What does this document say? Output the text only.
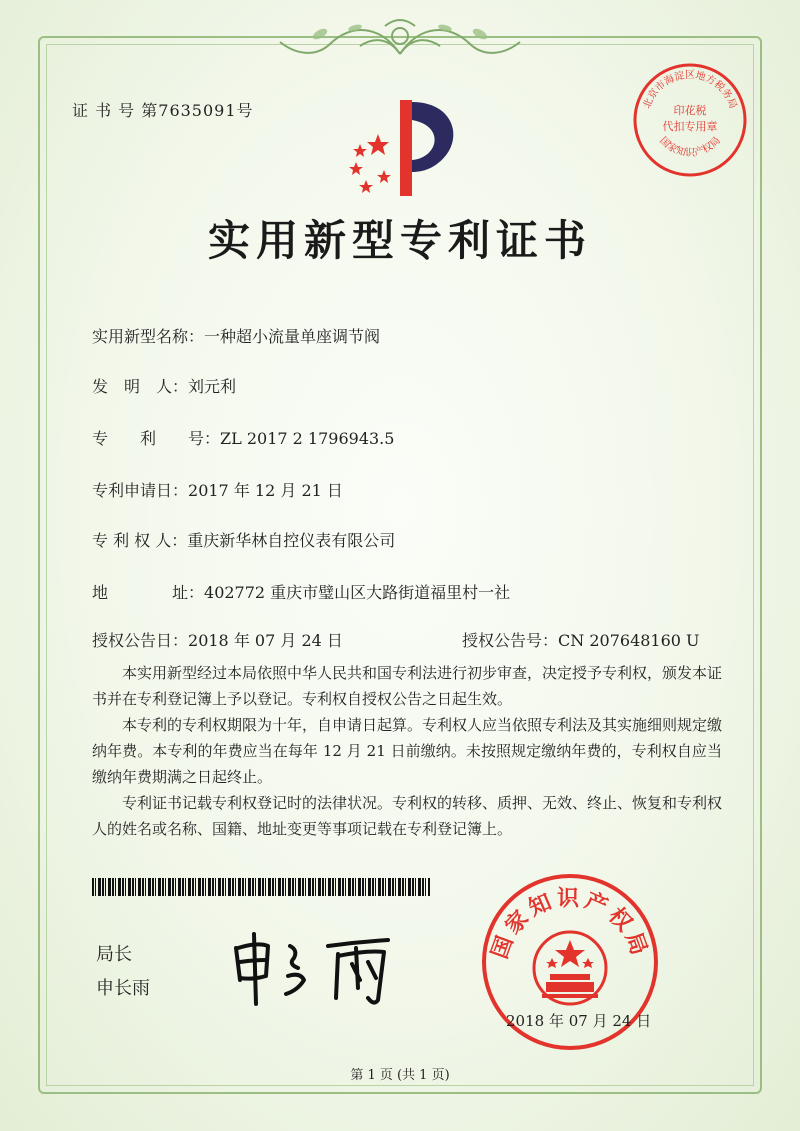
证 书 号 第7635091号	北京市海淀区地方税务局
印花税
代扣专用章
国家知识产权局
实用新型专利证书
实用新型名称：一种超小流量单座调节阀
发　明　人：刘元利
专　　利　　号：ZL 2017 2 1796943.5
专利申请日：2017 年 12 月 21 日
专 利 权 人：重庆新华林自控仪表有限公司
地　　　　址：402772 重庆市璧山区大路街道福里村一社
授权公告日：2018 年 07 月 24 日	授权公告号：CN 207648160 U

本实用新型经过本局依照中华人民共和国专利法进行初步审查，决定授予专利权，颁发本证书并在专利登记簿上予以登记。专利权自授权公告之日起生效。

本专利的专利权期限为十年，自申请日起算。专利权人应当依照专利法及其实施细则规定缴纳年费。本专利的年费应当在每年 12 月 21 日前缴纳。未按照规定缴纳年费的，专利权自应当缴纳年费期满之日起终止。

专利证书记载专利权登记时的法律状况。专利权的转移、质押、无效、终止、恢复和专利权人的姓名或名称、国籍、地址变更等事项记载在专利登记簿上。

局长
申长雨
国家知识产权局
2018 年 07 月 24 日
第 1 页 (共 1 页)
